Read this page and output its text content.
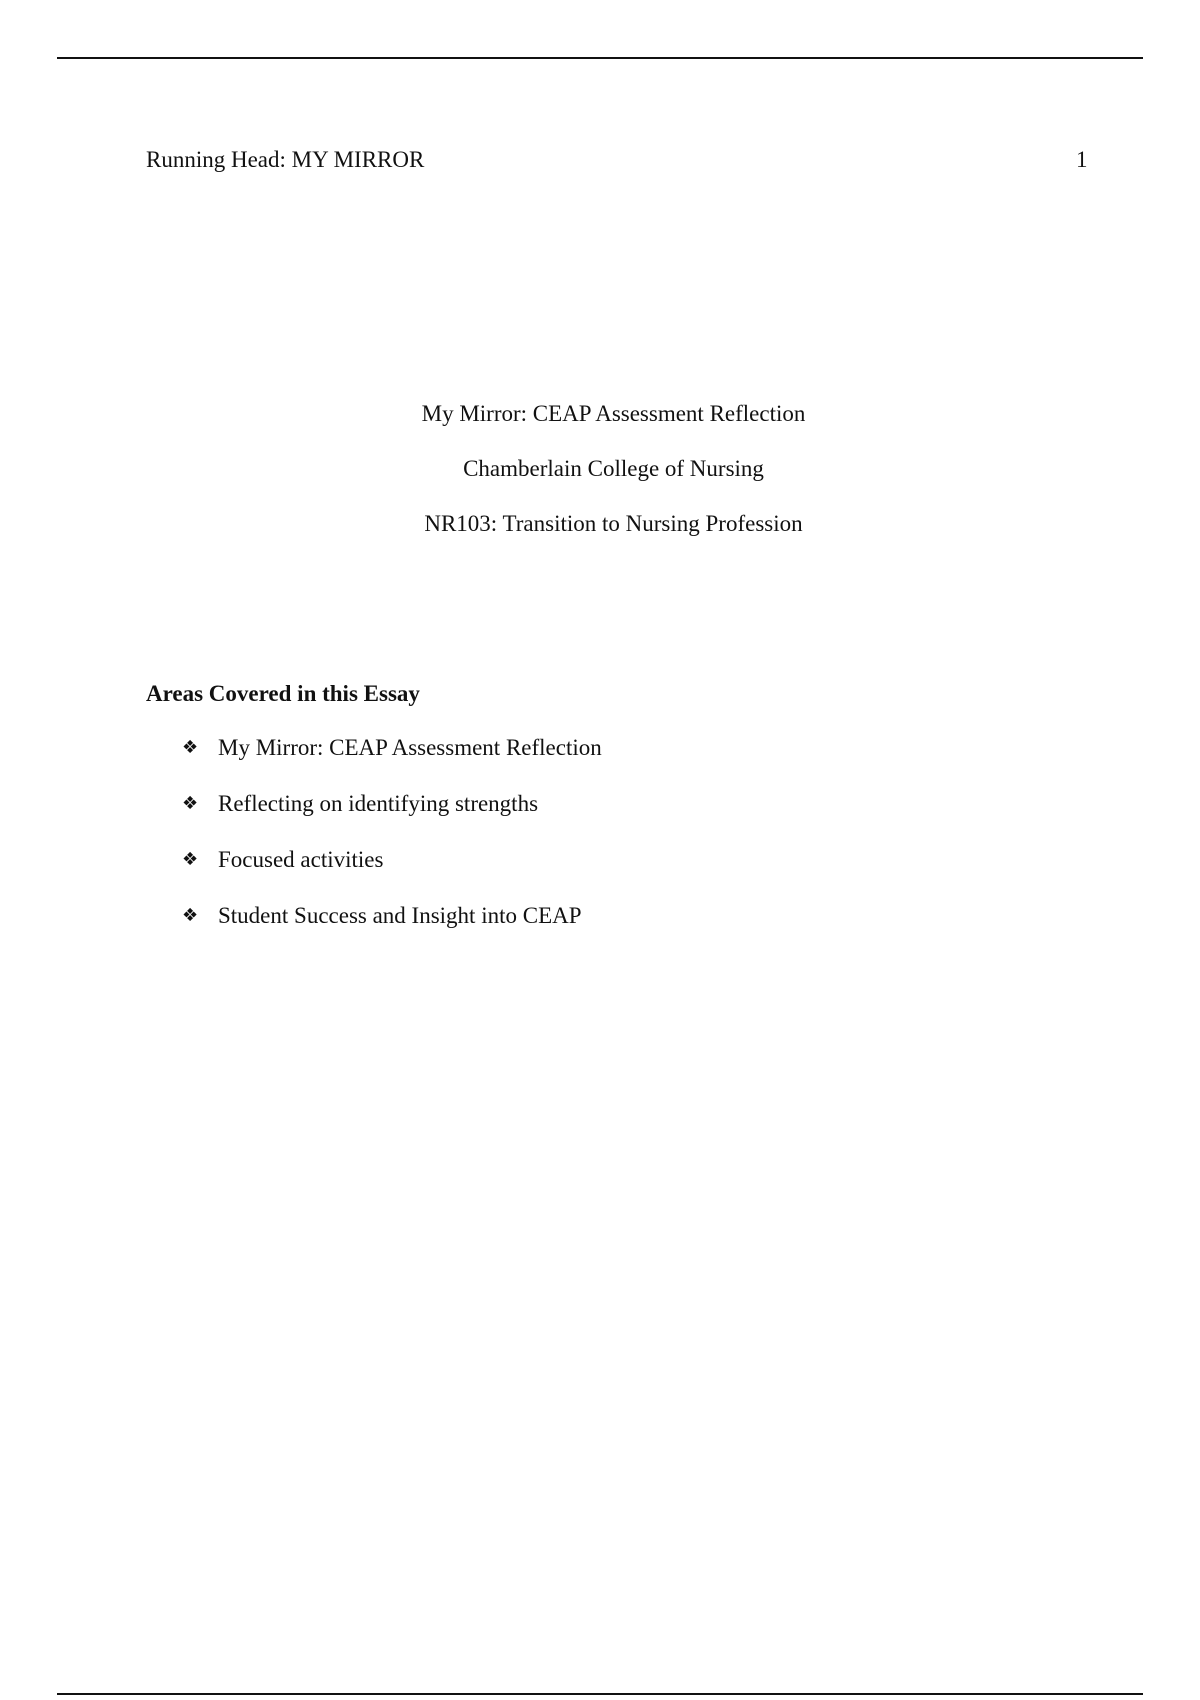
Running Head: MY MIRROR	1
My Mirror: CEAP Assessment Reflection
Chamberlain College of Nursing
NR103: Transition to Nursing Profession
Areas Covered in this Essay
❖ My Mirror: CEAP Assessment Reflection
❖ Reflecting on identifying strengths
❖ Focused activities
❖ Student Success and Insight into CEAP
